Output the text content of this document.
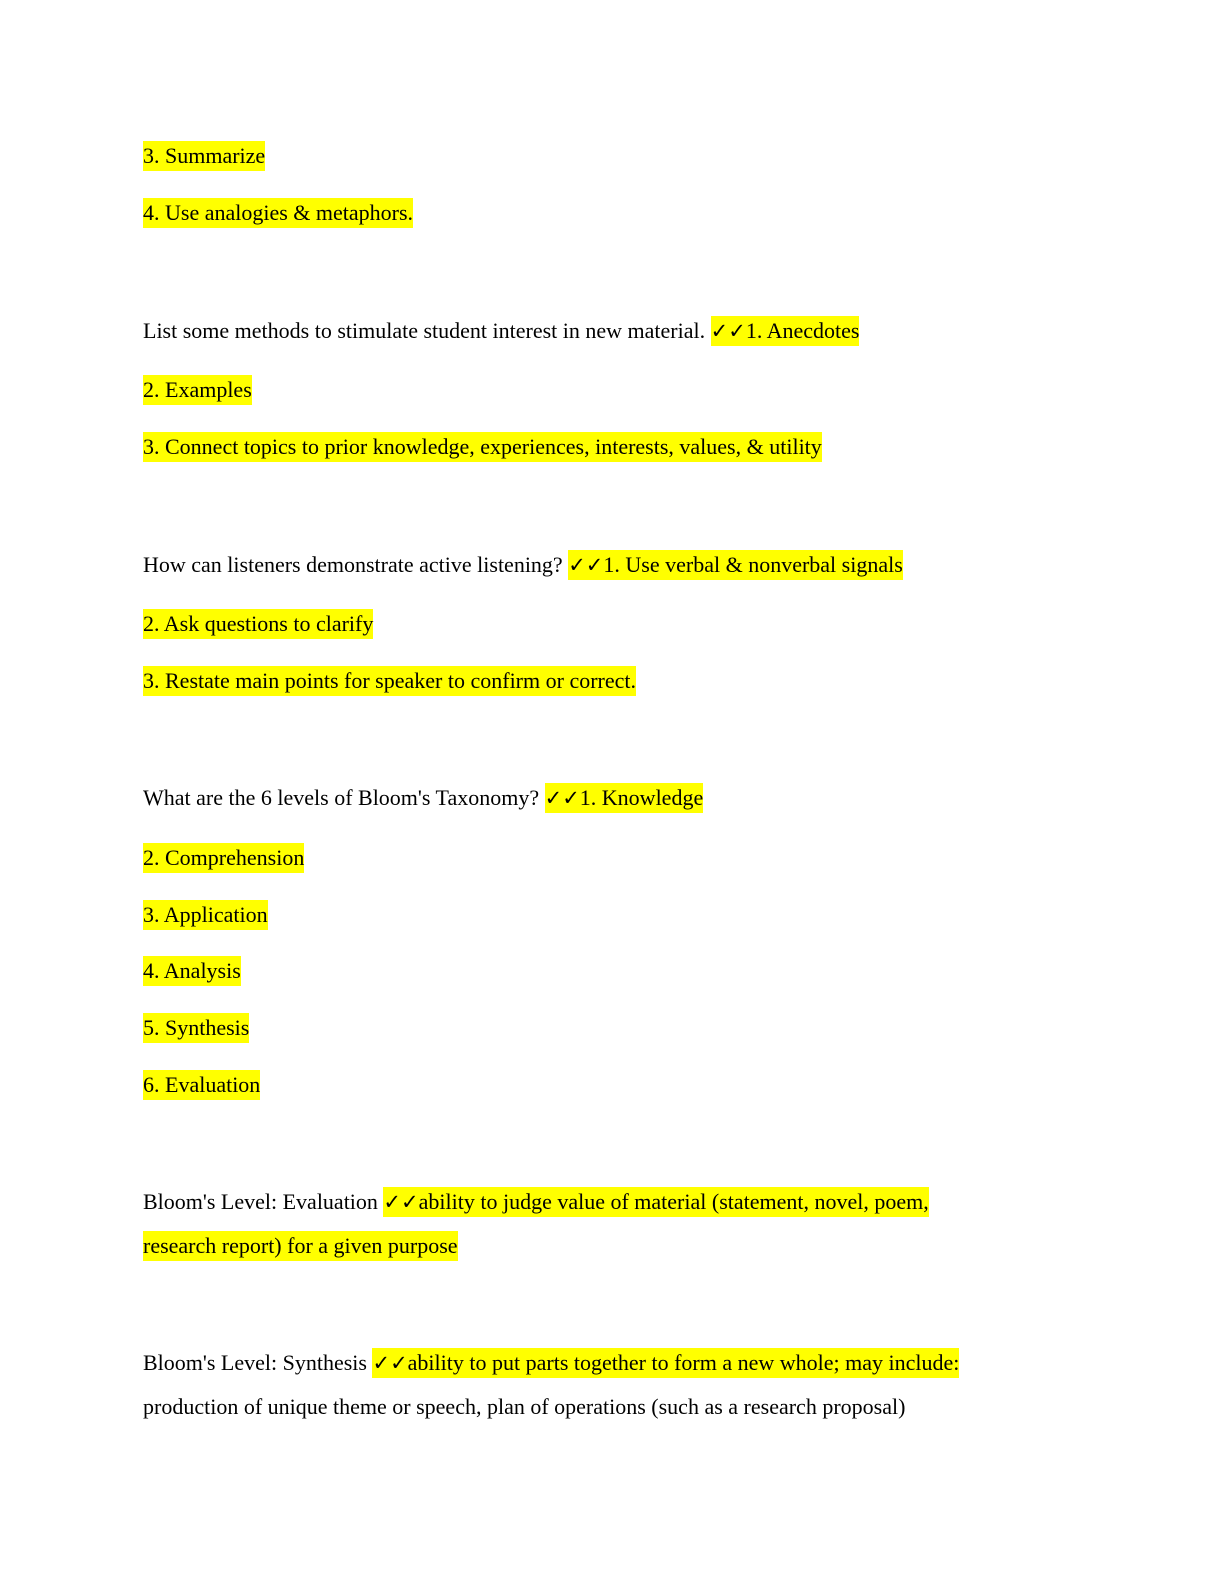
3. Summarize
4. Use analogies & metaphors.
List some methods to stimulate student interest in new material. ✓✓1. Anecdotes
2. Examples
3. Connect topics to prior knowledge, experiences, interests, values, & utility
How can listeners demonstrate active listening? ✓✓1. Use verbal & nonverbal signals
2. Ask questions to clarify
3. Restate main points for speaker to confirm or correct.
What are the 6 levels of Bloom's Taxonomy? ✓✓1. Knowledge
2. Comprehension
3. Application
4. Analysis
5. Synthesis
6. Evaluation
Bloom's Level: Evaluation ✓✓ability to judge value of material (statement, novel, poem,
research report) for a given purpose
Bloom's Level: Synthesis ✓✓ability to put parts together to form a new whole; may include:
production of unique theme or speech, plan of operations (such as a research proposal)
